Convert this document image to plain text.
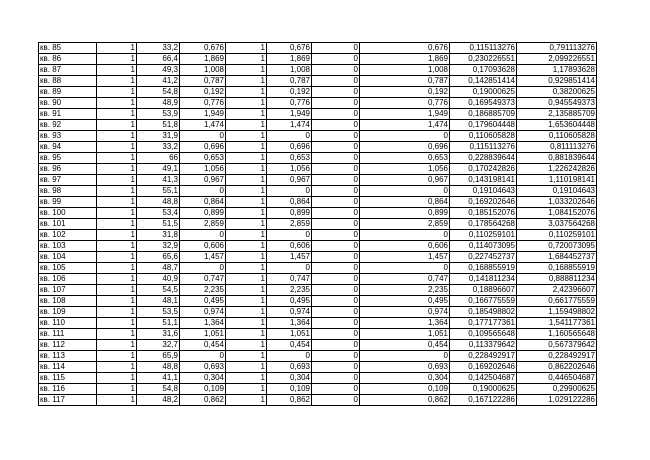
кв. 85	1	33,2	0,676	1	0,676	0	0,676	0,115113276	0,791113276
кв. 86	1	66,4	1,869	1	1,869	0	1,869	0,230226551	2,099226551
кв. 87	1	49,3	1,008	1	1,008	0	1,008	0,17093628	1,17893628
кв. 88	1	41,2	0,787	1	0,787	0	0,787	0,142851414	0,929851414
кв. 89	1	54,8	0,192	1	0,192	0	0,192	0,19000625	0,38200625
кв. 90	1	48,9	0,776	1	0,776	0	0,776	0,169549373	0,945549373
кв. 91	1	53,9	1,949	1	1,949	0	1,949	0,186885709	2,135885709
кв. 92	1	51,8	1,474	1	1,474	0	1,474	0,179604448	1,653604448
кв. 93	1	31,9	0	1	0	0	0	0,110605828	0,110605828
кв. 94	1	33,2	0,696	1	0,696	0	0,696	0,115113276	0,811113276
кв. 95	1	66	0,653	1	0,653	0	0,653	0,228839644	0,881839644
кв. 96	1	49,1	1,056	1	1,056	0	1,056	0,170242826	1,226242826
кв. 97	1	41,3	0,967	1	0,967	0	0,967	0,143198141	1,110198141
кв. 98	1	55,1	0	1	0	0	0	0,19104643	0,19104643
кв. 99	1	48,8	0,864	1	0,864	0	0,864	0,169202646	1,033202646
кв. 100	1	53,4	0,899	1	0,899	0	0,899	0,185152076	1,084152076
кв. 101	1	51,5	2,859	1	2,859	0	2,859	0,178564268	3,037564268
кв. 102	1	31,8	0	1	0	0	0	0,110259101	0,110259101
кв. 103	1	32,9	0,606	1	0,606	0	0,606	0,114073095	0,720073095
кв. 104	1	65,6	1,457	1	1,457	0	1,457	0,227452737	1,684452737
кв. 105	1	48,7	0	1	0	0	0	0,168855919	0,168855919
кв. 106	1	40,9	0,747	1	0,747	0	0,747	0,141811234	0,888811234
кв. 107	1	54,5	2,235	1	2,235	0	2,235	0,18896607	2,42396607
кв. 108	1	48,1	0,495	1	0,495	0	0,495	0,166775559	0,661775559
кв. 109	1	53,5	0,974	1	0,974	0	0,974	0,185498802	1,159498802
кв. 110	1	51,1	1,364	1	1,364	0	1,364	0,177177361	1,541177361
кв. 111	1	31,6	1,051	1	1,051	0	1,051	0,109565648	1,160565648
кв. 112	1	32,7	0,454	1	0,454	0	0,454	0,113379642	0,567379642
кв. 113	1	65,9	0	1	0	0	0	0,228492917	0,228492917
кв. 114	1	48,8	0,693	1	0,693	0	0,693	0,169202646	0,862202646
кв. 115	1	41,1	0,304	1	0,304	0	0,304	0,142504687	0,446504687
кв. 116	1	54,8	0,109	1	0,109	0	0,109	0,19000625	0,29900625
кв. 117	1	48,2	0,862	1	0,862	0	0,862	0,167122286	1,029122286
